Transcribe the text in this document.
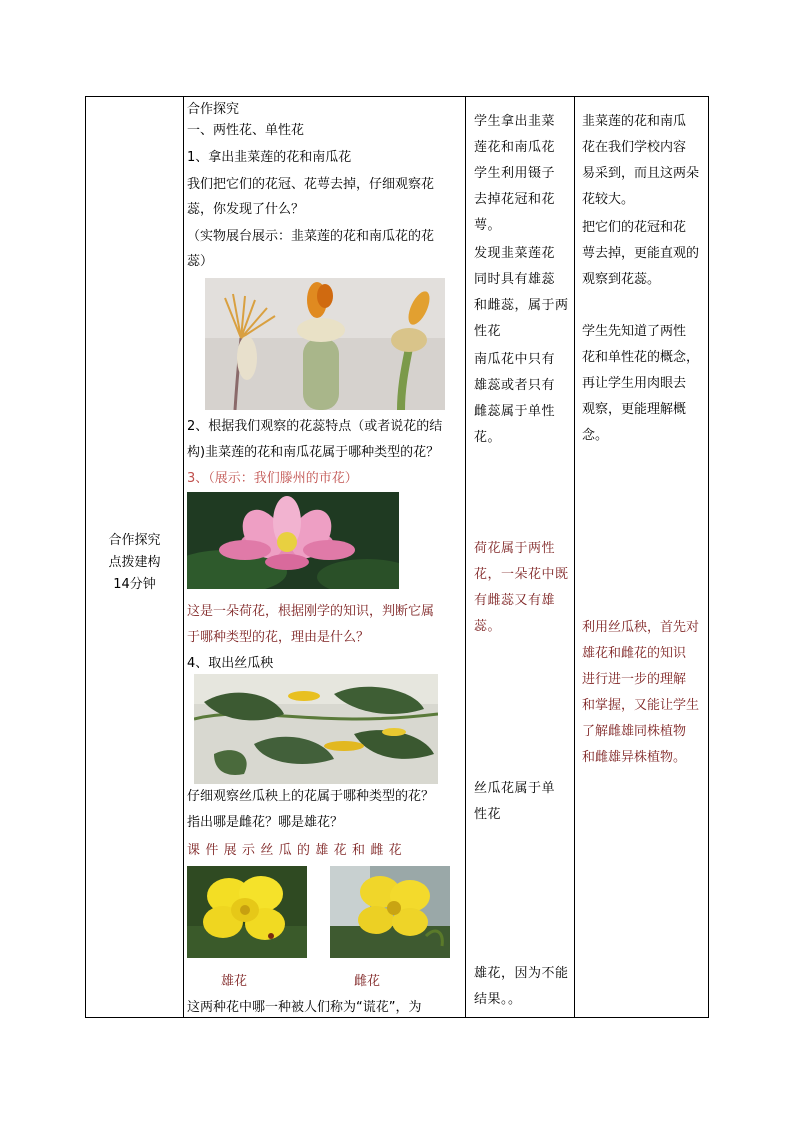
合作探究
点拨建构
14分钟
合作探究
一、两性花、单性花
1、拿出韭菜莲的花和南瓜花
我们把它们的花冠、花萼去掉，仔细观察花
蕊，你发现了什么？
（实物展台展示：韭菜莲的花和南瓜花的花
蕊）
2、根据我们观察的花蕊特点（或者说花的结
构)韭菜莲的花和南瓜花属于哪种类型的花？
3、（展示：我们滕州的市花）
这是一朵荷花，根据刚学的知识，判断它属
于哪种类型的花，理由是什么？
4、取出丝瓜秧
仔细观察丝瓜秧上的花属于哪种类型的花？
指出哪是雌花？哪是雄花？
课 件 展 示 丝 瓜 的 雄 花 和 雌 花
雄花	雌花
这两种花中哪一种被人们称为“谎花”，为
学生拿出韭菜
莲花和南瓜花
学生利用镊子
去掉花冠和花
萼。
发现韭菜莲花
同时具有雄蕊
和雌蕊，属于两
性花
南瓜花中只有
雄蕊或者只有
雌蕊属于单性
花。
荷花属于两性
花，一朵花中既
有雌蕊又有雄
蕊。
丝瓜花属于单
性花
雄花，因为不能
结果。。
韭菜莲的花和南瓜
花在我们学校内容
易采到，而且这两朵
花较大。
把它们的花冠和花
萼去掉，更能直观的
观察到花蕊。
学生先知道了两性
花和单性花的概念，
再让学生用肉眼去
观察，更能理解概念。
利用丝瓜秧，首先对
雄花和雌花的知识
进行进一步的理解
和掌握，又能让学生
了解雌雄同株植物
和雌雄异株植物。
